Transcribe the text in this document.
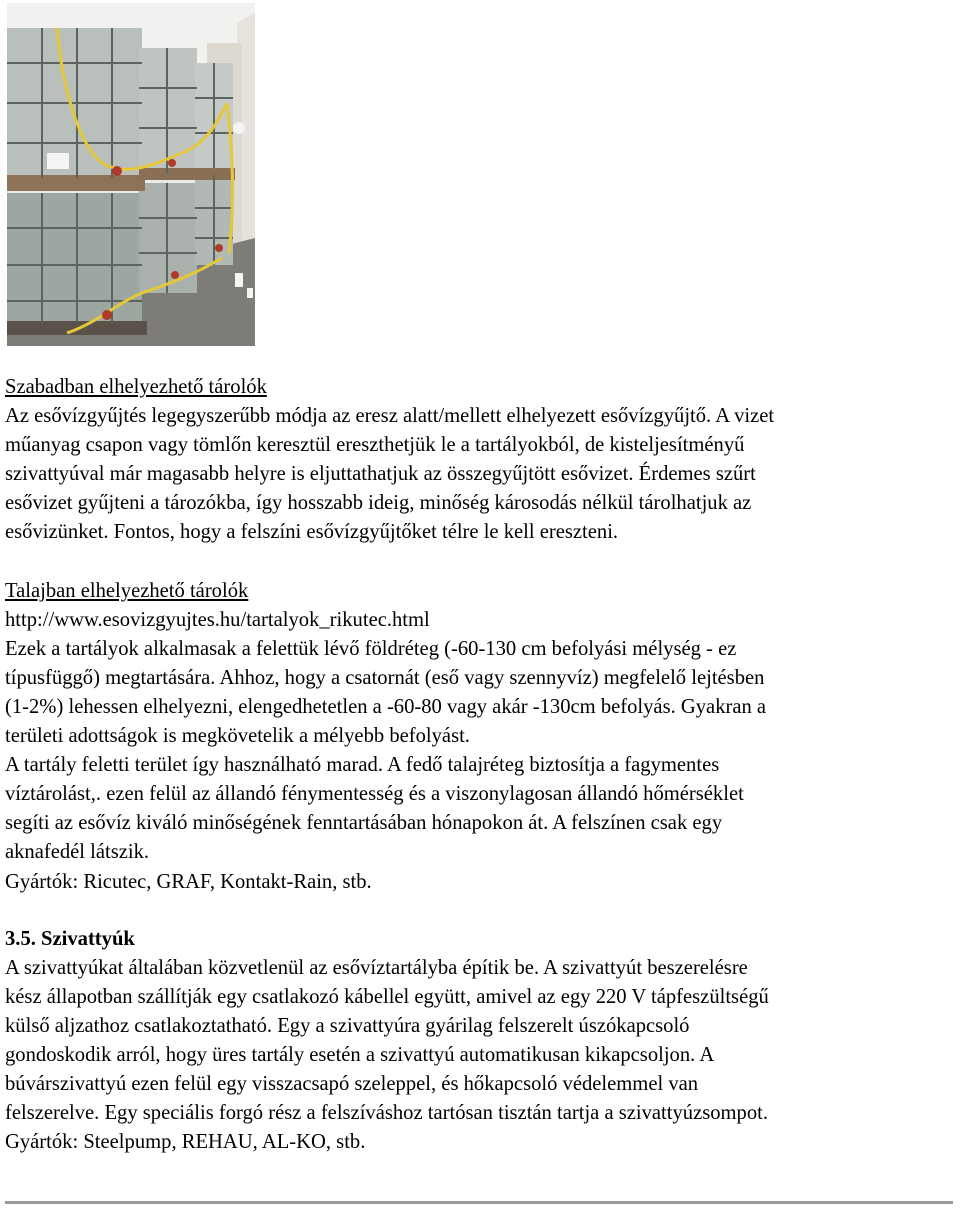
Szabadban elhelyezhető tárolók
Az esővízgyűjtés legegyszerűbb módja az eresz alatt/mellett elhelyezett esővízgyűjtő. A vizet
műanyag csapon vagy tömlőn keresztül ereszthetjük le a tartályokból, de kisteljesítményű
szivattyúval már magasabb helyre is eljuttathatjuk az összegyűjtött esővizet. Érdemes szűrt
esővizet gyűjteni a tározókba, így hosszabb ideig, minőség károsodás nélkül tárolhatjuk az
esővizünket. Fontos, hogy a felszíni esővízgyűjtőket télre le kell ereszteni.
Talajban elhelyezhető tárolók
http://www.esovizgyujtes.hu/tartalyok_rikutec.html
Ezek a tartályok alkalmasak a felettük lévő földréteg (-60-130 cm befolyási mélység - ez
típusfüggő) megtartására. Ahhoz, hogy a csatornát (eső vagy szennyvíz) megfelelő lejtésben
(1-2%) lehessen elhelyezni, elengedhetetlen a -60-80 vagy akár -130cm befolyás. Gyakran a
területi adottságok is megkövetelik a mélyebb befolyást.
A tartály feletti terület így használható marad. A fedő talajréteg biztosítja a fagymentes
víztárolást,. ezen felül az állandó fénymentesség és a viszonylagosan állandó hőmérséklet
segíti az esővíz kiváló minőségének fenntartásában hónapokon át. A felszínen csak egy
aknafedél látszik.
Gyártók: Ricutec, GRAF, Kontakt-Rain, stb.
3.5. Szivattyúk
A szivattyúkat általában közvetlenül az esővíztartályba építik be. A szivattyút beszerelésre
kész állapotban szállítják egy csatlakozó kábellel együtt, amivel az egy 220 V tápfeszültségű
külső aljzathoz csatlakoztatható. Egy a szivattyúra gyárilag felszerelt úszókapcsoló
gondoskodik arról, hogy üres tartály esetén a szivattyú automatikusan kikapcsoljon. A
búvárszivattyú ezen felül egy visszacsapó szeleppel, és hőkapcsoló védelemmel van
felszerelve. Egy speciális forgó rész a felszíváshoz tartósan tisztán tartja a szivattyúzsompot.
Gyártók: Steelpump, REHAU, AL-KO, stb.
